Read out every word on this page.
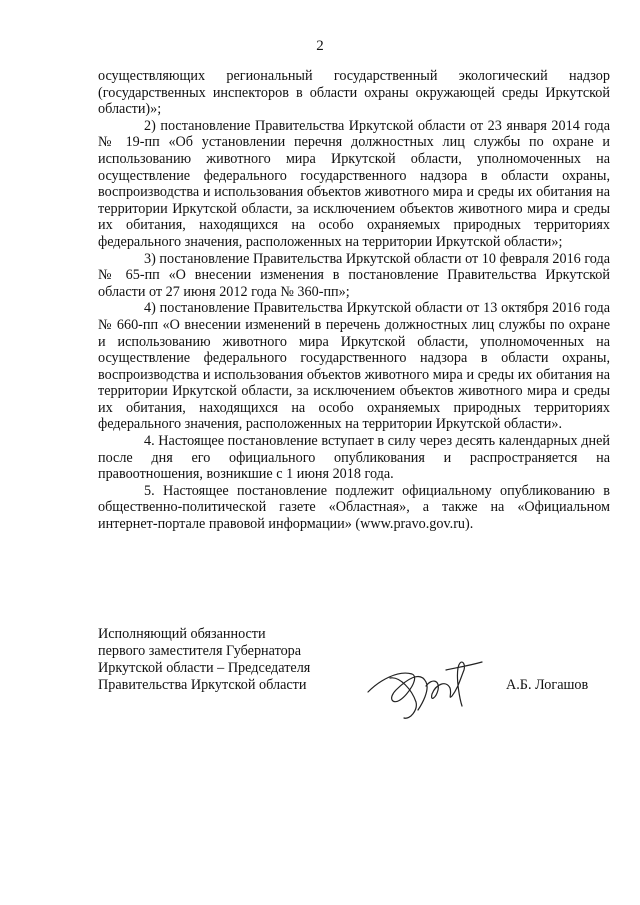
2

осуществляющих региональный государственный экологический надзор (государственных инспекторов в области охраны окружающей среды Иркутской области)»;

2) постановление Правительства Иркутской области от 23 января 2014 года № 19-пп «Об установлении перечня должностных лиц службы по охране и использованию животного мира Иркутской области, уполномоченных на осуществление федерального государственного надзора в области охраны, воспроизводства и использования объектов животного мира и среды их обитания на территории Иркутской области, за исключением объектов животного мира и среды их обитания, находящихся на особо охраняемых природных территориях федерального значения, расположенных на территории Иркутской области»;

3) постановление Правительства Иркутской области от 10 февраля 2016 года № 65-пп «О внесении изменения в постановление Правительства Иркутской области от 27 июня 2012 года № 360-пп»;

4) постановление Правительства Иркутской области от 13 октября 2016 года № 660-пп «О внесении изменений в перечень должностных лиц службы по охране и использованию животного мира Иркутской области, уполномоченных на осуществление федерального государственного надзора в области охраны, воспроизводства и использования объектов животного мира и среды их обитания на территории Иркутской области, за исключением объектов животного мира и среды их обитания, находящихся на особо охраняемых природных территориях федерального значения, расположенных на территории Иркутской области».

4. Настоящее постановление вступает в силу через десять календарных дней после дня его официального опубликования и распространяется на правоотношения, возникшие с 1 июня 2018 года.

5. Настоящее постановление подлежит официальному опубликованию в общественно-политической газете «Областная», а также на «Официальном интернет-портале правовой информации» (www.pravo.gov.ru).

Исполняющий обязанности
первого заместителя Губернатора
Иркутской области – Председателя
Правительства Иркутской области	А.Б. Логашов
